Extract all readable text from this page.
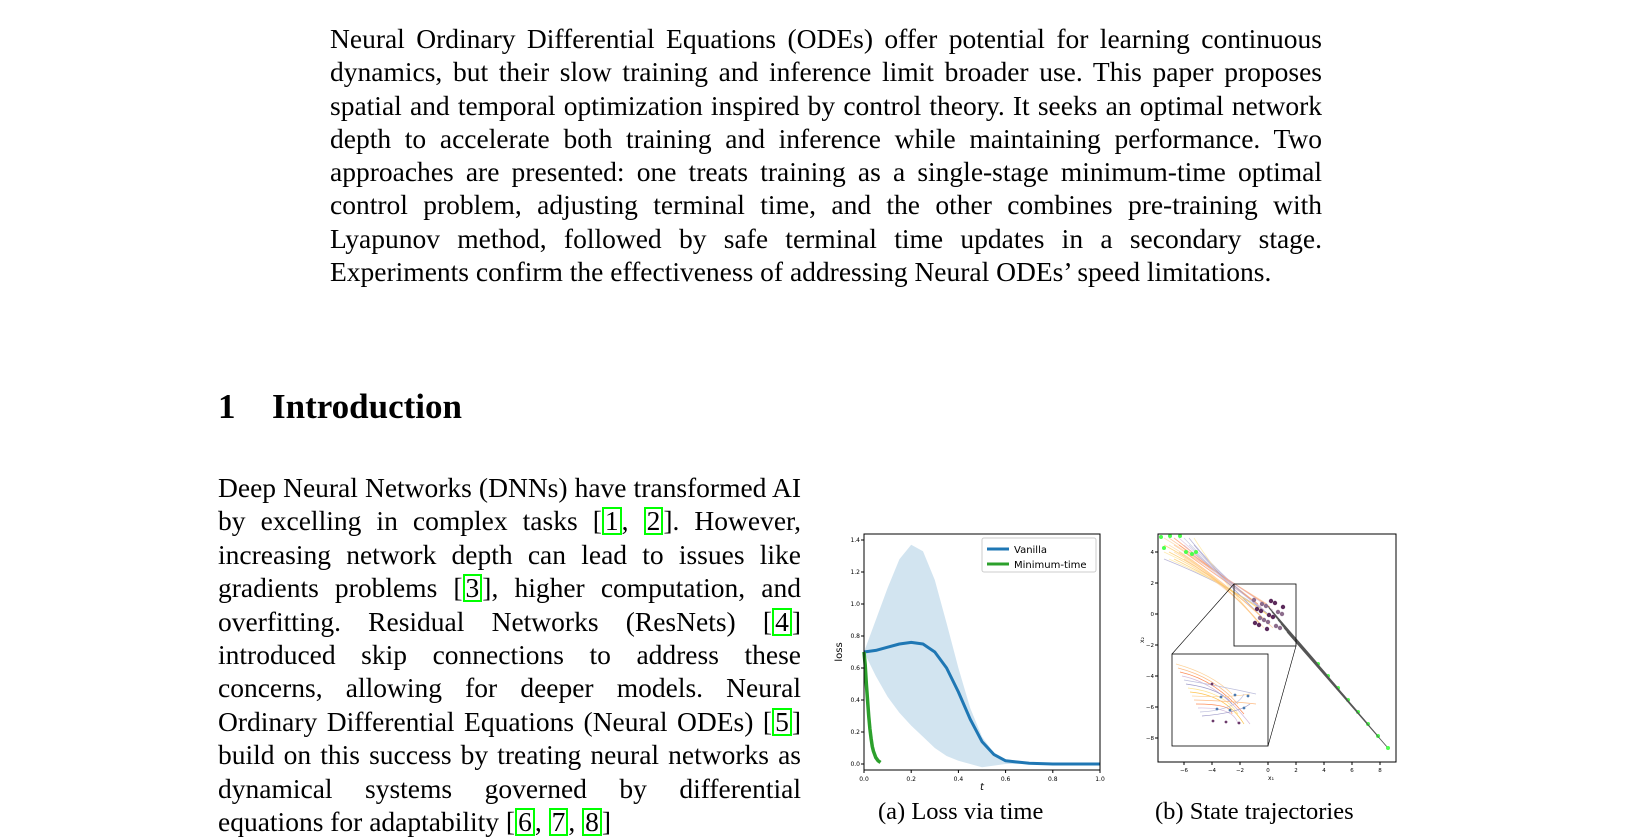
Neural Ordinary Differential Equations (ODEs) offer potential for learning continuous dynamics, but their slow training and inference limit broader use. This paper proposes spatial and temporal optimization inspired by control theory. It seeks an optimal network depth to accelerate both training and inference while maintaining performance. Two approaches are presented: one treats training as a single-stage minimum-time optimal control problem, adjusting terminal time, and the other combines pre-training with Lyapunov method, followed by safe terminal time updates in a secondary stage. Experiments confirm the effectiveness of addressing Neural ODEs’ speed limitations.
1 Introduction
Deep Neural Networks (DNNs) have transformed AI by excelling in complex tasks [ 1 , 2 ]. However, increasing network depth can lead to issues like gradients problems [ 3 ], higher computation, and overfitting. Residual Networks (ResNets) [ 4 ] introduced skip connections to address these concerns, allowing for deeper models. Neural Ordinary Differential Equations (Neural ODEs) [ 5 ] build on this success by treating neural networks as dynamical systems governed by differential equations for adaptability [ 6 , 7 , 8 ]
0.0	0.2	0.4	0.6	0.8	1.0
0.0
0.2
0.4
0.6
0.8
1.0
1.2
1.4
t
loss
Vanilla
Minimum-time
−6	−4	−2	0	2	4	6	8
4
2
0
−2
−4
−6
−8
x₁
x₂
(a) Loss via time	(b) State trajectories
